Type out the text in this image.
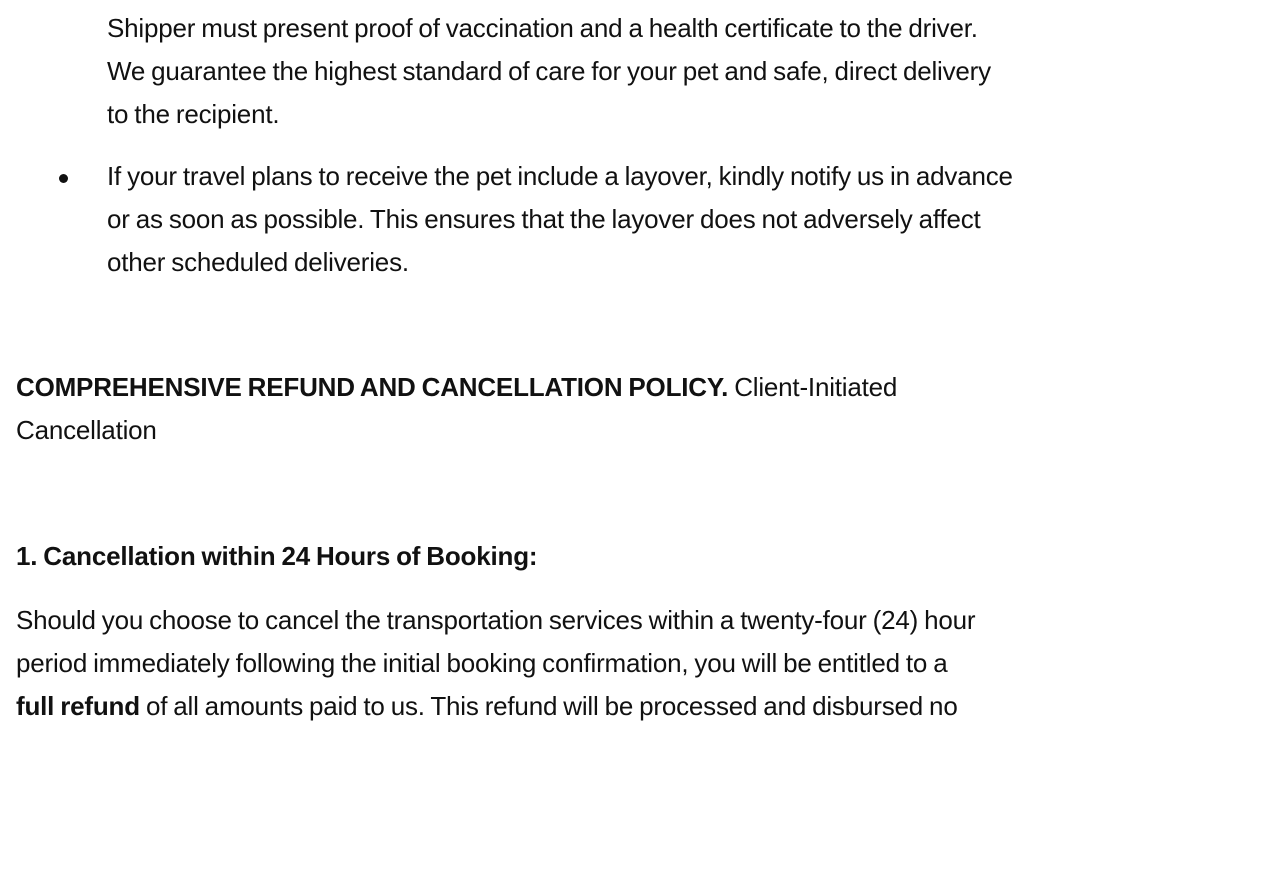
Shipper must present proof of vaccination and a health certificate to the driver.

We guarantee the highest standard of care for your pet and safe, direct delivery

to the recipient.

If your travel plans to receive the pet include a layover, kindly notify us in advance

or as soon as possible. This ensures that the layover does not adversely affect

other scheduled deliveries.

COMPREHENSIVE REFUND AND CANCELLATION POLICY. Client-Initiated

Cancellation

1. Cancellation within 24 Hours of Booking:

Should you choose to cancel the transportation services within a twenty-four (24) hour

period immediately following the initial booking confirmation, you will be entitled to a

full refund of all amounts paid to us. This refund will be processed and disbursed no
